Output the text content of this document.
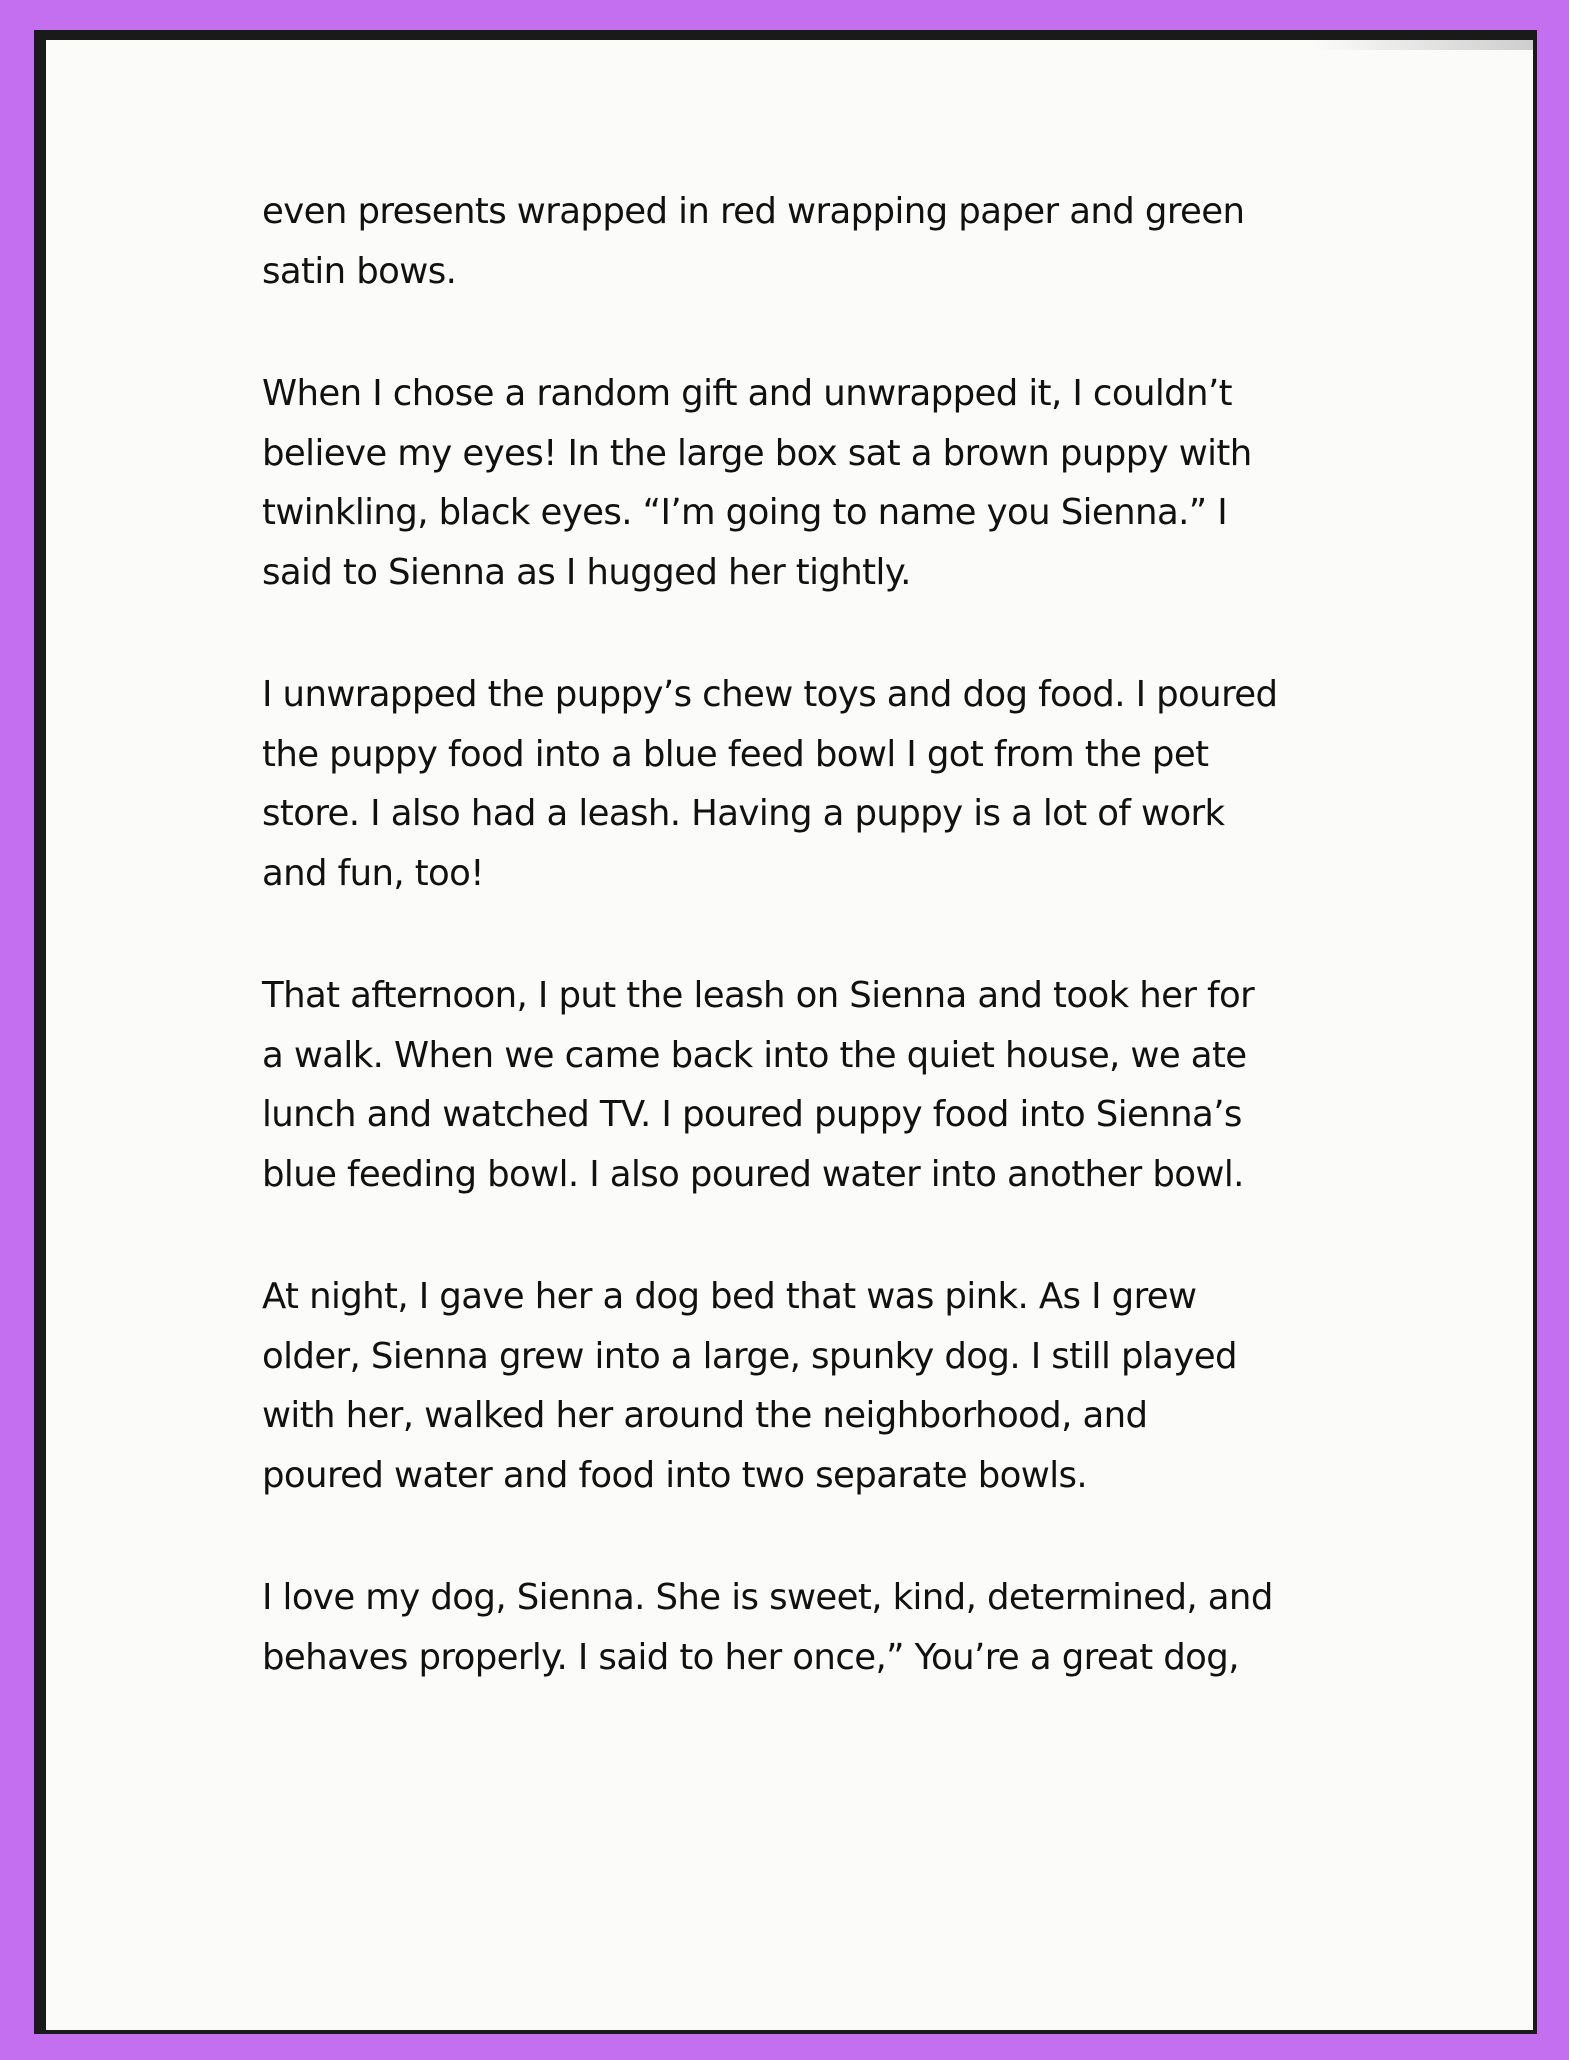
even presents wrapped in red wrapping paper and green
satin bows.

When I chose a random gift and unwrapped it, I couldn’t
believe my eyes! In the large box sat a brown puppy with
twinkling, black eyes. “I’m going to name you Sienna.” I
said to Sienna as I hugged her tightly.

I unwrapped the puppy’s chew toys and dog food. I poured
the puppy food into a blue feed bowl I got from the pet
store. I also had a leash. Having a puppy is a lot of work
and fun, too!

That afternoon, I put the leash on Sienna and took her for
a walk. When we came back into the quiet house, we ate
lunch and watched TV. I poured puppy food into Sienna’s
blue feeding bowl. I also poured water into another bowl.

At night, I gave her a dog bed that was pink. As I grew
older, Sienna grew into a large, spunky dog. I still played
with her, walked her around the neighborhood, and
poured water and food into two separate bowls.

I love my dog, Sienna. She is sweet, kind, determined, and
behaves properly. I said to her once,” You’re a great dog,
